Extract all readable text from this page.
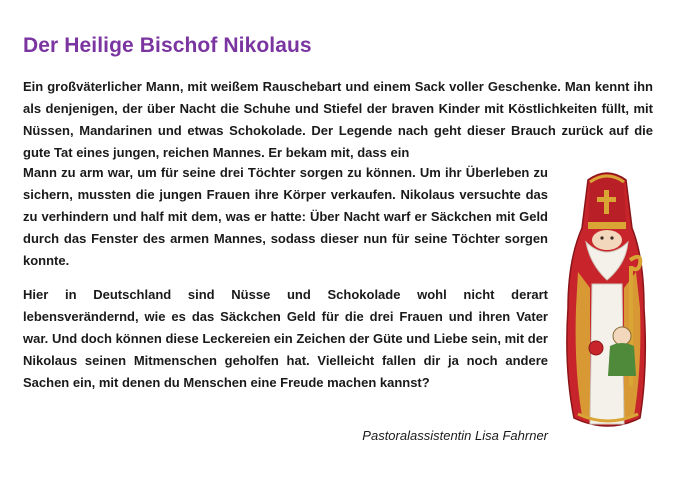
Der Heilige Bischof Nikolaus

Ein großväterlicher Mann, mit weißem Rauschebart und einem Sack voller Geschenke. Man kennt ihn als denjenigen, der über Nacht die Schuhe und Stiefel der braven Kinder mit Köstlichkeiten füllt, mit Nüssen, Mandarinen und etwas Schokolade. Der Legende nach geht dieser Brauch zurück auf die gute Tat eines jungen, reichen Mannes. Er bekam mit, dass ein

Mann zu arm war, um für seine drei Töchter sorgen zu können. Um ihr Überleben zu sichern, mussten die jungen Frauen ihre Körper verkaufen. Nikolaus versuchte das zu verhindern und half mit dem, was er hatte: Über Nacht warf er Säckchen mit Geld durch das Fenster des armen Mannes, sodass dieser nun für seine Töchter sorgen konnte.

Hier in Deutschland sind Nüsse und Schokolade wohl nicht derart lebensverändernd, wie es das Säckchen Geld für die drei Frauen und ihren Vater war. Und doch können diese Leckereien ein Zeichen der Güte und Liebe sein, mit der Nikolaus seinen Mitmenschen geholfen hat. Vielleicht fallen dir ja noch andere Sachen ein, mit denen du Menschen eine Freude machen kannst?

Pastoralassistentin Lisa Fahrner
